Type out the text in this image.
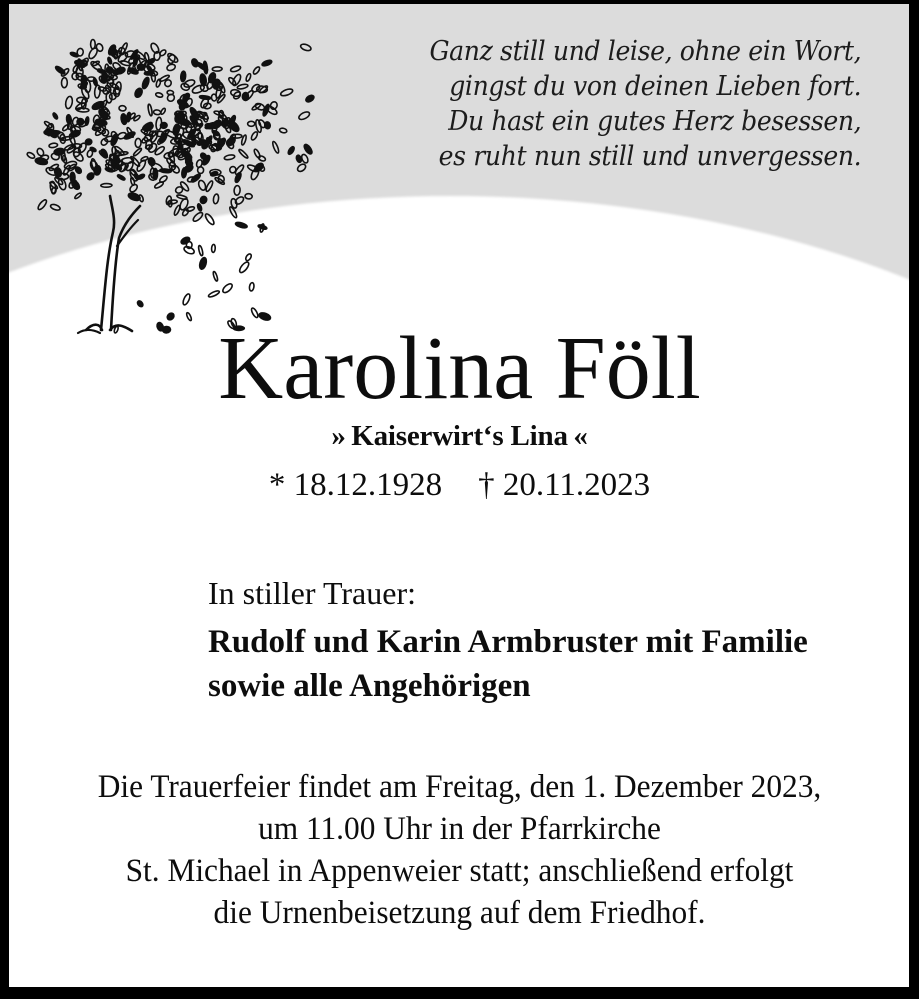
Ganz still und leise, ohne ein Wort,
gingst du von deinen Lieben fort.
Du hast ein gutes Herz besessen,
es ruht nun still und unvergessen.
Karolina Föll
» Kaiserwirt‘s Lina «
* 18.12.1928 † 20.11.2023
In stiller Trauer:
Rudolf und Karin Armbruster mit Familie
sowie alle Angehörigen
Die Trauerfeier findet am Freitag, den 1. Dezember 2023,
um 11.00 Uhr in der Pfarrkirche
St. Michael in Appenweier statt; anschließend erfolgt
die Urnenbeisetzung auf dem Friedhof.
